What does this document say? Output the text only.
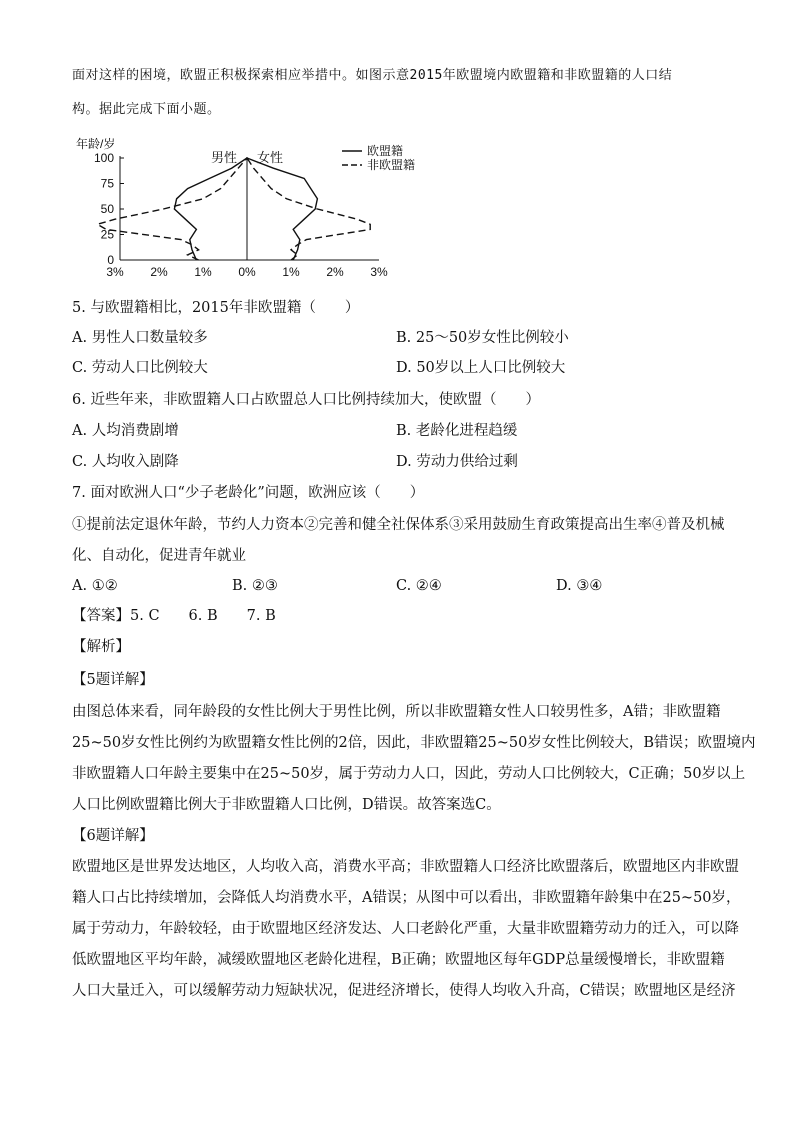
面对这样的困境，欧盟正积极探索相应举措中。如图示意2015年欧盟境内欧盟籍和非欧盟籍的人口结
构。据此完成下面小题。
年龄/岁
100
75
50
25
0
3% 2% 1% 0% 1% 2% 3%
男性 女性	欧盟籍
非欧盟籍
5. 与欧盟籍相比，2015年非欧盟籍（　　）
A. 男性人口数量较多	B. 25～50岁女性比例较小
C. 劳动人口比例较大	D. 50岁以上人口比例较大
6. 近些年来，非欧盟籍人口占欧盟总人口比例持续加大，使欧盟（　　）
A. 人均消费剧增	B. 老龄化进程趋缓
C. 人均收入剧降	D. 劳动力供给过剩
7. 面对欧洲人口“少子老龄化”问题，欧洲应该（　　）
①提前法定退休年龄，节约人力资本②完善和健全社保体系③采用鼓励生育政策提高出生率④普及机械
化、自动化，促进青年就业
A. ①②	B. ②③	C. ②④	D. ③④
【答案】5. C　　6. B　　7. B
【解析】
【5题详解】
由图总体来看，同年龄段的女性比例大于男性比例，所以非欧盟籍女性人口较男性多，A错；非欧盟籍
25~50岁女性比例约为欧盟籍女性比例的2倍，因此，非欧盟籍25~50岁女性比例较大，B错误；欧盟境内
非欧盟籍人口年龄主要集中在25~50岁，属于劳动力人口，因此，劳动人口比例较大，C正确；50岁以上
人口比例欧盟籍比例大于非欧盟籍人口比例，D错误。故答案选C。
【6题详解】
欧盟地区是世界发达地区，人均收入高，消费水平高；非欧盟籍人口经济比欧盟落后，欧盟地区内非欧盟
籍人口占比持续增加，会降低人均消费水平，A错误；从图中可以看出，非欧盟籍年龄集中在25~50岁，
属于劳动力，年龄较轻，由于欧盟地区经济发达、人口老龄化严重，大量非欧盟籍劳动力的迁入，可以降
低欧盟地区平均年龄，减缓欧盟地区老龄化进程，B正确；欧盟地区每年GDP总量缓慢增长，非欧盟籍
人口大量迁入，可以缓解劳动力短缺状况，促进经济增长，使得人均收入升高，C错误；欧盟地区是经济
